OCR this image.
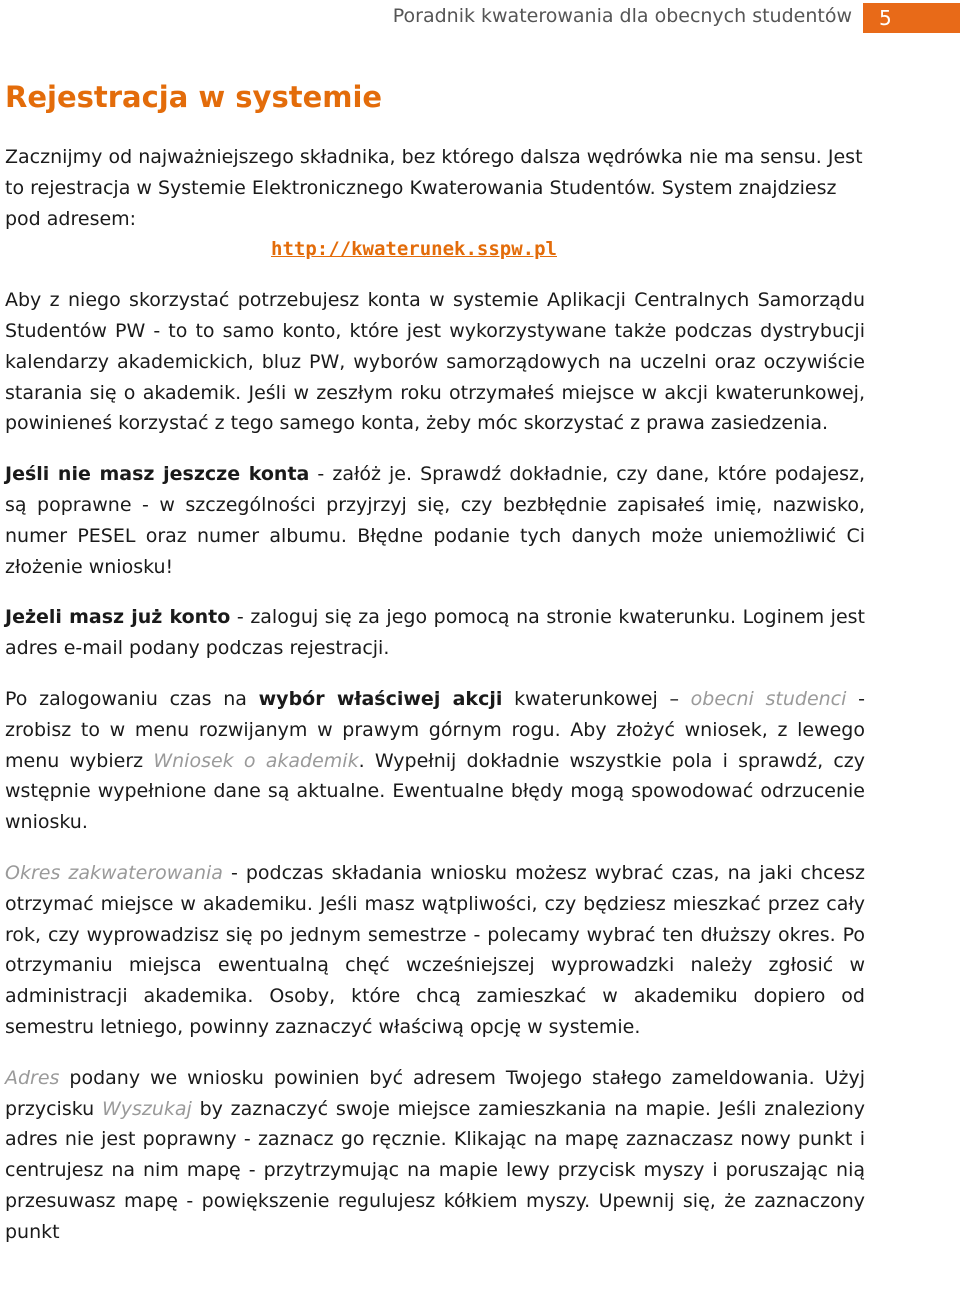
Poradnik kwaterowania dla obecnych studentów	5
Rejestracja w systemie

Zacznijmy od najważniejszego składnika, bez którego dalsza wędrówka nie ma sensu. Jest to rejestracja w Systemie Elektronicznego Kwaterowania Studentów. System znajdziesz pod adresem:

http://kwaterunek.sspw.pl

Aby z niego skorzystać potrzebujesz konta w systemie Aplikacji Centralnych Samorządu Studentów PW - to to samo konto, które jest wykorzystywane także podczas dystrybucji kalendarzy akademickich, bluz PW, wyborów samorządowych na uczelni oraz oczywiście starania się o akademik. Jeśli w zeszłym roku otrzymałeś miejsce w akcji kwaterunkowej, powinieneś korzystać z tego samego konta, żeby móc skorzystać z prawa zasiedzenia.

Jeśli nie masz jeszcze konta - załóż je. Sprawdź dokładnie, czy dane, które podajesz, są poprawne - w szczególności przyjrzyj się, czy bezbłędnie zapisałeś imię, nazwisko, numer PESEL oraz numer albumu. Błędne podanie tych danych może uniemożliwić Ci złożenie wniosku!

Jeżeli masz już konto - zaloguj się za jego pomocą na stronie kwaterunku. Loginem jest adres e-mail podany podczas rejestracji.

Po zalogowaniu czas na wybór właściwej akcji kwaterunkowej – obecni studenci - zrobisz to w menu rozwijanym w prawym górnym rogu. Aby złożyć wniosek, z lewego menu wybierz Wniosek o akademik. Wypełnij dokładnie wszystkie pola i sprawdź, czy wstępnie wypełnione dane są aktualne. Ewentualne błędy mogą spowodować odrzucenie wniosku.

Okres zakwaterowania - podczas składania wniosku możesz wybrać czas, na jaki chcesz otrzymać miejsce w akademiku. Jeśli masz wątpliwości, czy będziesz mieszkać przez cały rok, czy wyprowadzisz się po jednym semestrze - polecamy wybrać ten dłuższy okres. Po otrzymaniu miejsca ewentualną chęć wcześniejszej wyprowadzki należy zgłosić w administracji akademika. Osoby, które chcą zamieszkać w akademiku dopiero od semestru letniego, powinny zaznaczyć właściwą opcję w systemie.

Adres podany we wniosku powinien być adresem Twojego stałego zameldowania. Użyj przycisku Wyszukaj by zaznaczyć swoje miejsce zamieszkania na mapie. Jeśli znaleziony adres nie jest poprawny - zaznacz go ręcznie. Klikając na mapę zaznaczasz nowy punkt i centrujesz na nim mapę - przytrzymując na mapie lewy przycisk myszy i poruszając nią przesuwasz mapę - powiększenie regulujesz kółkiem myszy. Upewnij się, że zaznaczony punkt
